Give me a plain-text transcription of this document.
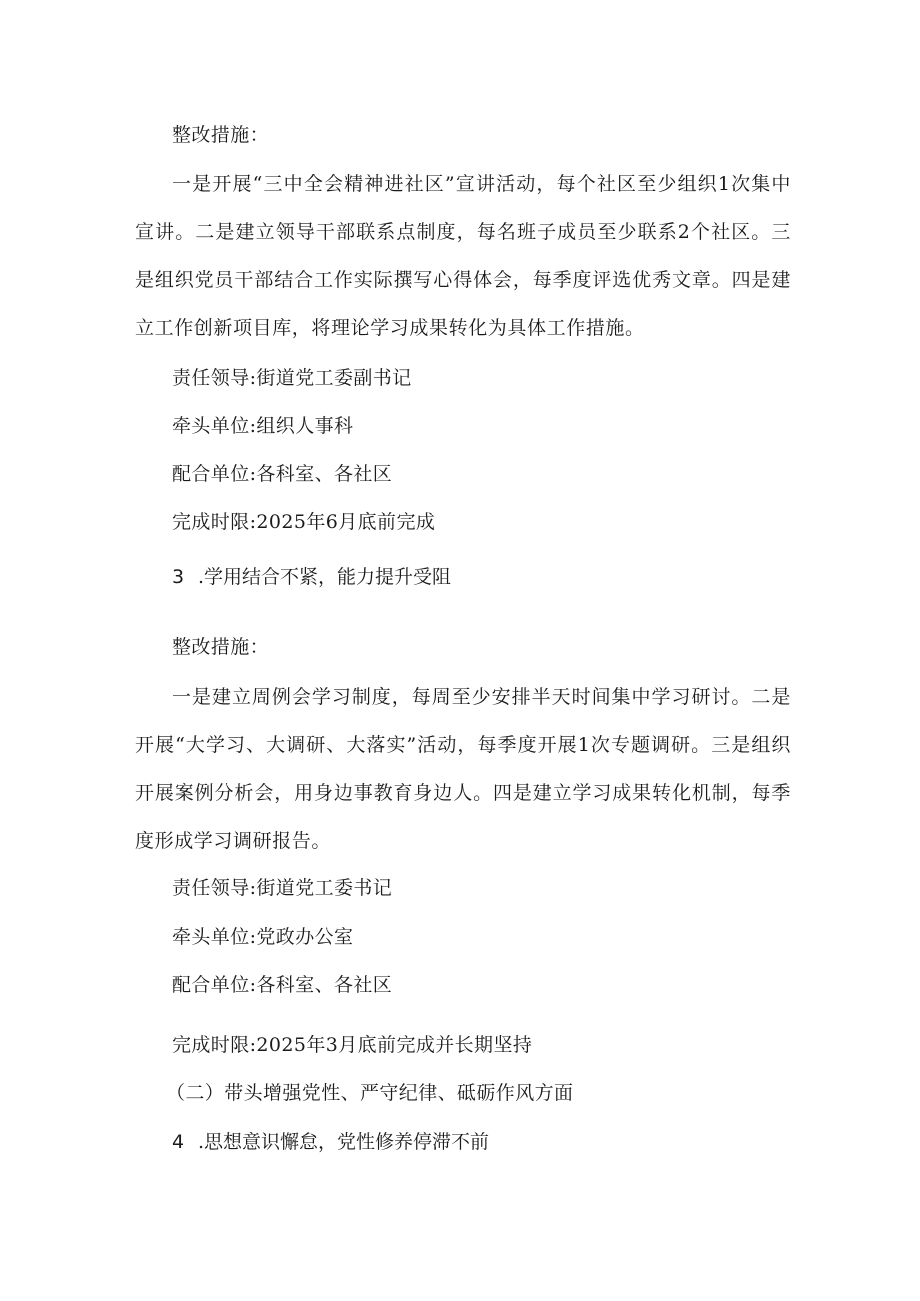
整改措施：

一是开展“三中全会精神进社区”宣讲活动，每个社区至少组织1次集中宣讲。二是建立领导干部联系点制度，每名班子成员至少联系2个社区。三是组织党员干部结合工作实际撰写心得体会，每季度评选优秀文章。四是建立工作创新项目库，将理论学习成果转化为具体工作措施。

责任领导:街道党工委副书记
牵头单位:组织人事科
配合单位:各科室、各社区
完成时限:2025年6月底前完成
3 .学用结合不紧，能力提升受阻
整改措施：

一是建立周例会学习制度，每周至少安排半天时间集中学习研讨。二是开展“大学习、大调研、大落实”活动，每季度开展1次专题调研。三是组织开展案例分析会，用身边事教育身边人。四是建立学习成果转化机制，每季度形成学习调研报告。

责任领导:街道党工委书记
牵头单位:党政办公室
配合单位:各科室、各社区
完成时限:2025年3月底前完成并长期坚持
（二）带头增强党性、严守纪律、砥砺作风方面
4 .思想意识懈怠，党性修养停滞不前
